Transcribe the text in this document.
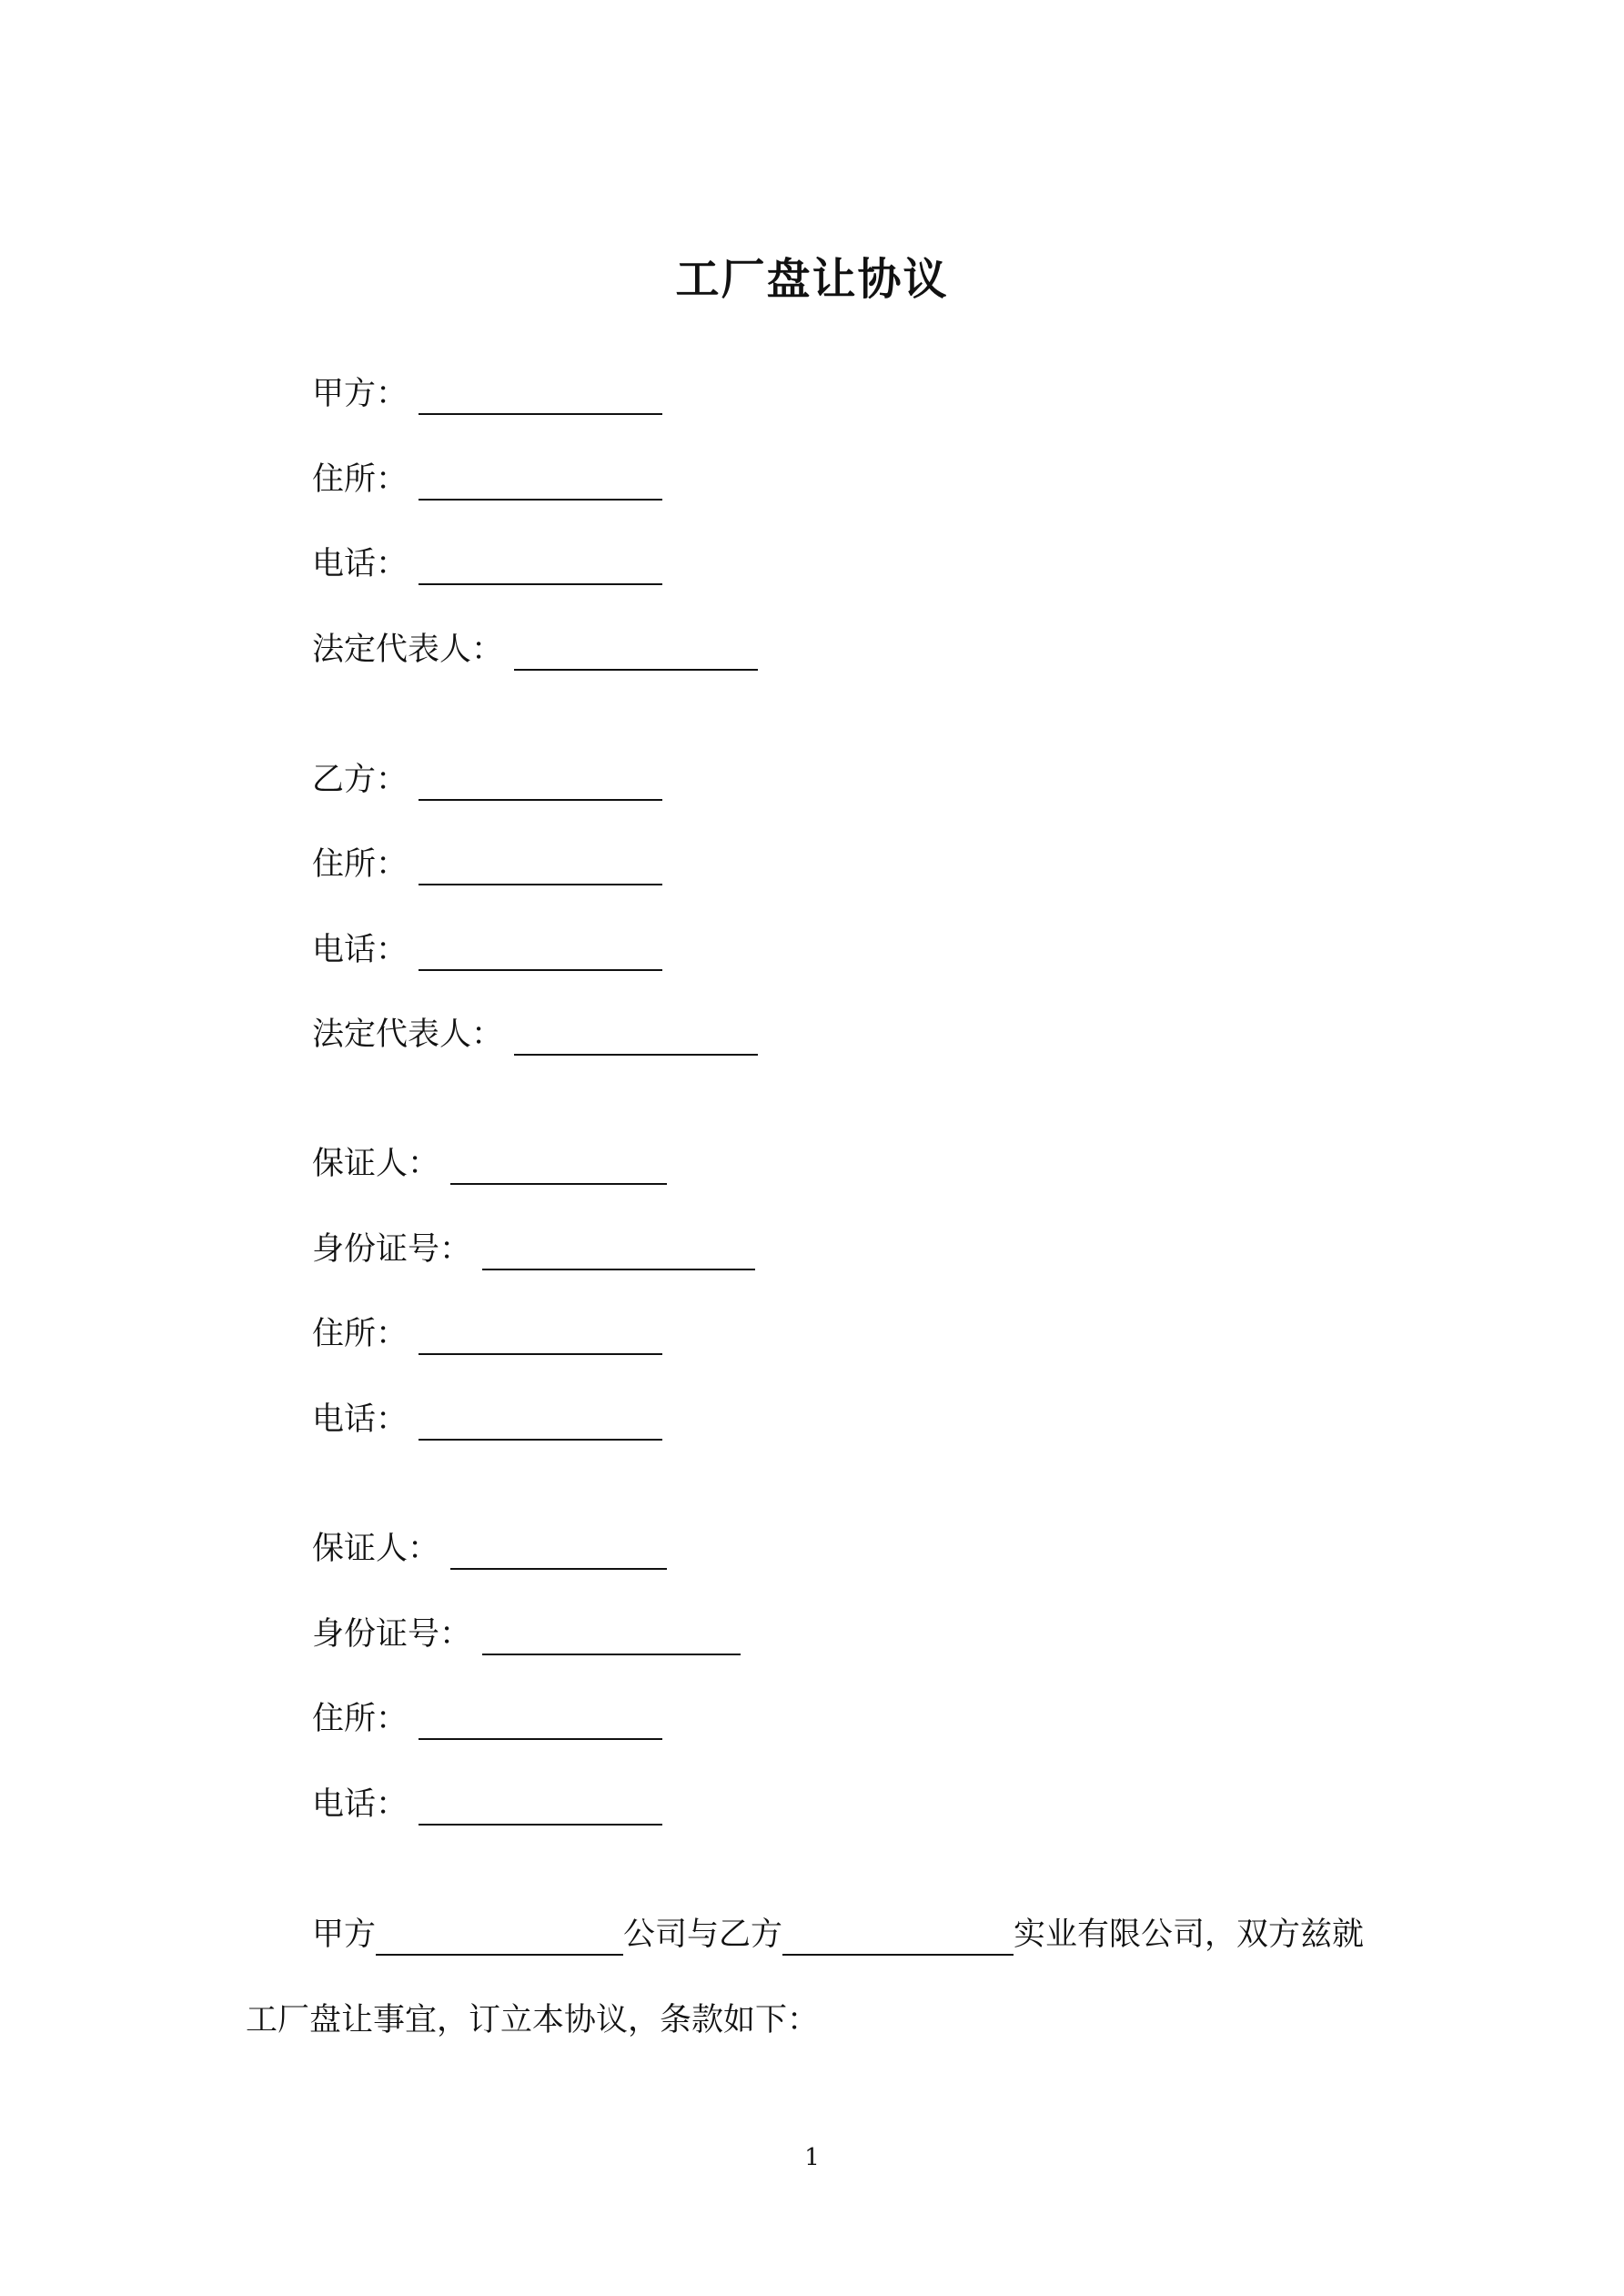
工厂盘让协议
甲方：
住所：
电话：
法定代表人：
乙方：
住所：
电话：
法定代表人：
保证人：
身份证号：
住所：
电话：
保证人：
身份证号：
住所：
电话：
甲方	公司与乙方	实业有限公司，双方兹就
工厂盘让事宜，订立本协议，条款如下：
1
